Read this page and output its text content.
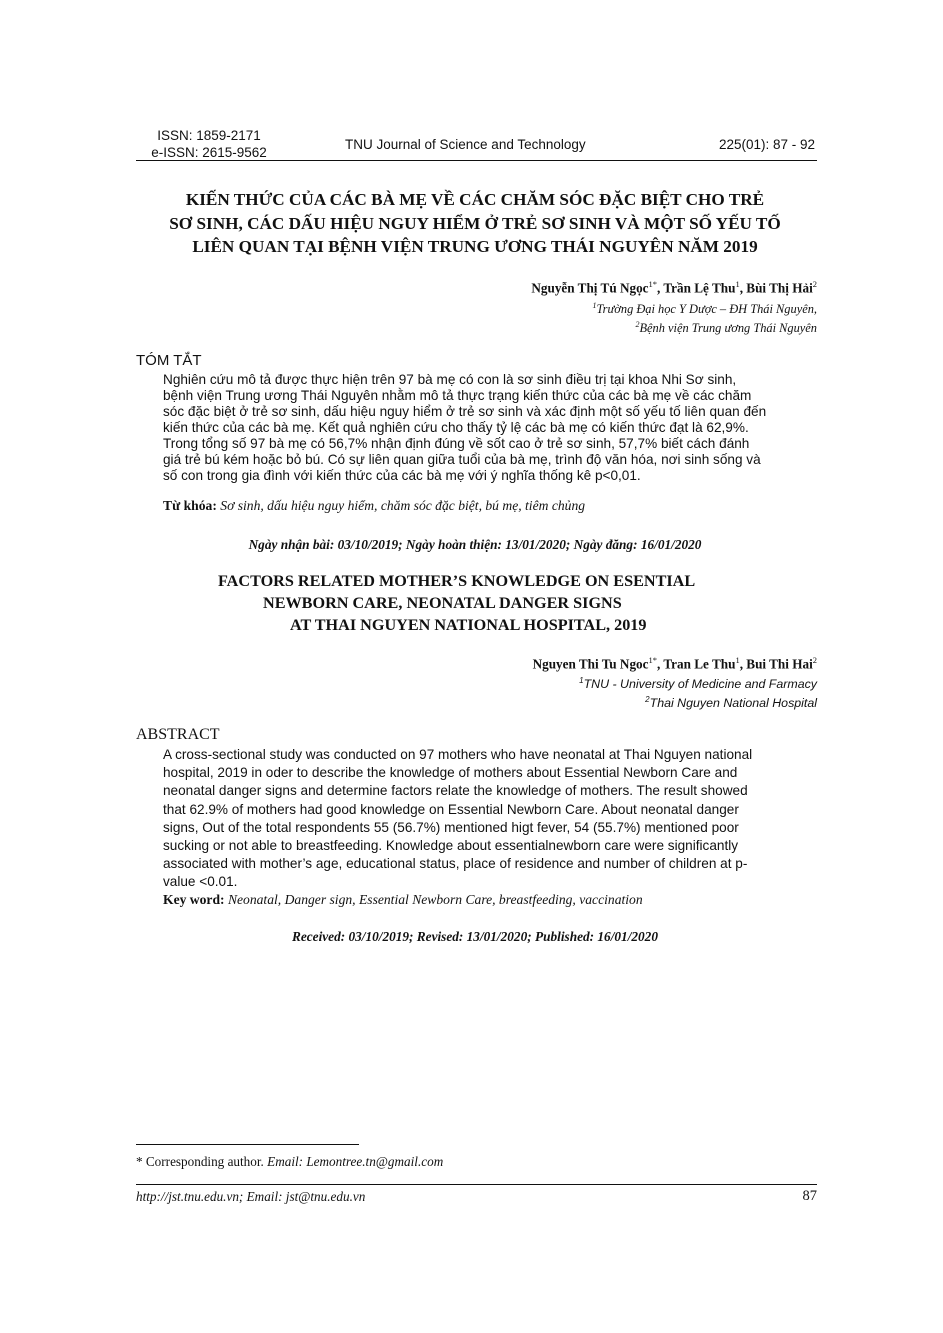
ISSN: 1859-2171
e-ISSN: 2615-9562
TNU Journal of Science and Technology	225(01): 87 - 92
KIẾN THỨC CỦA CÁC BÀ MẸ VỀ CÁC CHĂM SÓC ĐẶC BIỆT CHO TRẺ
SƠ SINH, CÁC DẤU HIỆU NGUY HIỂM Ở TRẺ SƠ SINH VÀ MỘT SỐ YẾU TỐ
LIÊN QUAN TẠI BỆNH VIỆN TRUNG ƯƠNG THÁI NGUYÊN NĂM 2019
Nguyễn Thị Tú Ngọc$^{1*}$, Trần Lệ Thu$^1$, Bùi Thị Hải$^2$
$^1$Trường Đại học Y Dược – ĐH Thái Nguyên,
$^2$Bệnh viện Trung ương Thái Nguyên
TÓM TẮT
Nghiên cứu mô tả được thực hiện trên 97 bà mẹ có con là sơ sinh điều trị tại khoa Nhi Sơ sinh,
bệnh viện Trung ương Thái Nguyên nhằm mô tả thực trạng kiến thức của các bà mẹ về các chăm
sóc đặc biệt ở trẻ sơ sinh, dấu hiệu nguy hiểm ở trẻ sơ sinh và xác định một số yếu tố liên quan đến
kiến thức của các bà mẹ. Kết quả nghiên cứu cho thấy tỷ lệ các bà mẹ có kiến thức đạt là 62,9%.
Trong tổng số 97 bà mẹ có 56,7% nhận định đúng về sốt cao ở trẻ sơ sinh, 57,7% biết cách đánh
giá trẻ bú kém hoặc bỏ bú. Có sự liên quan giữa tuổi của bà mẹ, trình độ văn hóa, nơi sinh sống và
số con trong gia đình với kiến thức của các bà mẹ với ý nghĩa thống kê p<0,01.
Từ khóa: Sơ sinh, dấu hiệu nguy hiểm, chăm sóc đặc biệt, bú mẹ, tiêm chủng
Ngày nhận bài: 03/10/2019; Ngày hoàn thiện: 13/01/2020; Ngày đăng: 16/01/2020
FACTORS RELATED MOTHER’S KNOWLEDGE ON ESENTIAL
NEWBORN CARE, NEONATAL DANGER SIGNS
AT THAI NGUYEN NATIONAL HOSPITAL, 2019
Nguyen Thi Tu Ngoc$^{1*}$, Tran Le Thu$^1$, Bui Thi Hai$^2$
$^1$TNU - University of Medicine and Farmacy
$^2$Thai Nguyen National Hospital
ABSTRACT
A cross-sectional study was conducted on 97 mothers who have neonatal at Thai Nguyen national
hospital, 2019 in oder to describe the knowledge of mothers about Essential Newborn Care and
neonatal danger signs and determine factors relate the knowledge of mothers. The result showed
that 62.9% of mothers had good knowledge on Essential Newborn Care. About neonatal danger
signs, Out of the total respondents 55 (56.7%) mentioned higt fever, 54 (55.7%) mentioned poor
sucking or not able to breastfeeding. Knowledge about essentialnewborn care were significantly
associated with mother’s age, educational status, place of residence and number of children at p-
value <0.01.
Key word: Neonatal, Danger sign, Essential Newborn Care, breastfeeding, vaccination
Received: 03/10/2019; Revised: 13/01/2020; Published: 16/01/2020
* Corresponding author. Email: Lemontree.tn@gmail.com
http://jst.tnu.edu.vn; Email: jst@tnu.edu.vn	87
